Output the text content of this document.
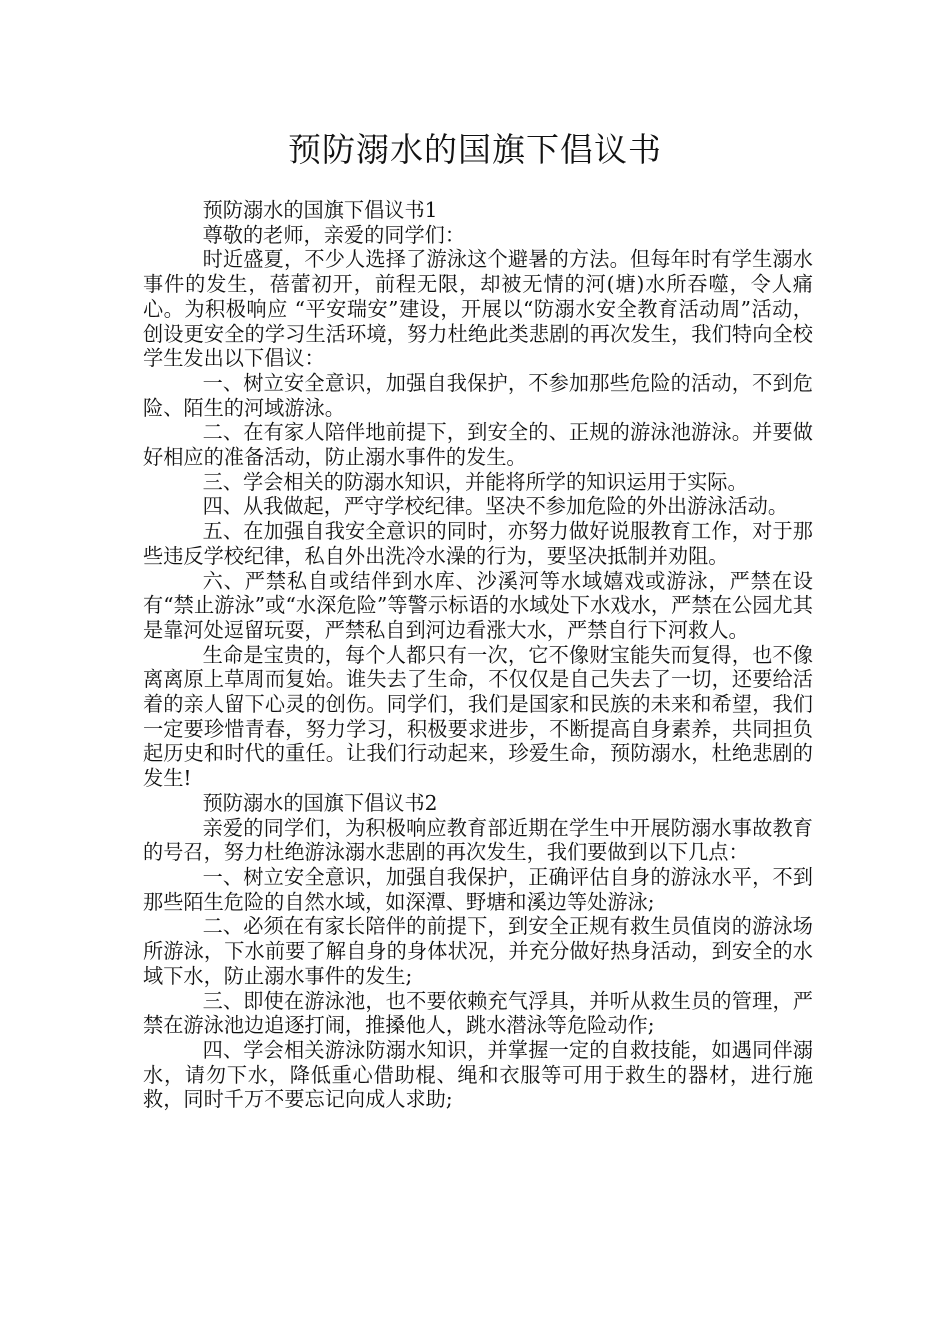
预防溺水的国旗下倡议书

预防溺水的国旗下倡议书1

尊敬的老师，亲爱的同学们：

时近盛夏，不少人选择了游泳这个避暑的方法。但每年时有学生溺水事件的发生，蓓蕾初开，前程无限，却被无情的河(塘)水所吞噬，令人痛心。为积极响应 “平安瑞安”建设，开展以“防溺水安全教育活动周”活动，创设更安全的学习生活环境，努力杜绝此类悲剧的再次发生，我们特向全校学生发出以下倡议：

一、树立安全意识，加强自我保护，不参加那些危险的活动，不到危险、陌生的河域游泳。

二、在有家人陪伴地前提下，到安全的、正规的游泳池游泳。并要做好相应的准备活动，防止溺水事件的发生。

三、学会相关的防溺水知识，并能将所学的知识运用于实际。

四、从我做起，严守学校纪律。坚决不参加危险的外出游泳活动。

五、在加强自我安全意识的同时，亦努力做好说服教育工作，对于那些违反学校纪律，私自外出洗冷水澡的行为，要坚决抵制并劝阻。

六、严禁私自或结伴到水库、沙溪河等水域嬉戏或游泳，严禁在设有“禁止游泳”或“水深危险”等警示标语的水域处下水戏水，严禁在公园尤其是靠河处逗留玩耍，严禁私自到河边看涨大水，严禁自行下河救人。

生命是宝贵的，每个人都只有一次，它不像财宝能失而复得，也不像离离原上草周而复始。谁失去了生命，不仅仅是自己失去了一切，还要给活着的亲人留下心灵的创伤。同学们，我们是国家和民族的未来和希望，我们一定要珍惜青春，努力学习，积极要求进步，不断提高自身素养，共同担负起历史和时代的重任。让我们行动起来，珍爱生命，预防溺水，杜绝悲剧的发生!

预防溺水的国旗下倡议书2

亲爱的同学们，为积极响应教育部近期在学生中开展防溺水事故教育的号召，努力杜绝游泳溺水悲剧的再次发生，我们要做到以下几点：

一、树立安全意识，加强自我保护，正确评估自身的游泳水平，不到那些陌生危险的自然水域，如深潭、野塘和溪边等处游泳;

二、必须在有家长陪伴的前提下，到安全正规有救生员值岗的游泳场所游泳，下水前要了解自身的身体状况，并充分做好热身活动，到安全的水域下水，防止溺水事件的发生;

三、即使在游泳池，也不要依赖充气浮具，并听从救生员的管理，严禁在游泳池边追逐打闹，推搡他人，跳水潜泳等危险动作;

四、学会相关游泳防溺水知识，并掌握一定的自救技能，如遇同伴溺水，请勿下水，降低重心借助棍、绳和衣服等可用于救生的器材，进行施救，同时千万不要忘记向成人求助;
